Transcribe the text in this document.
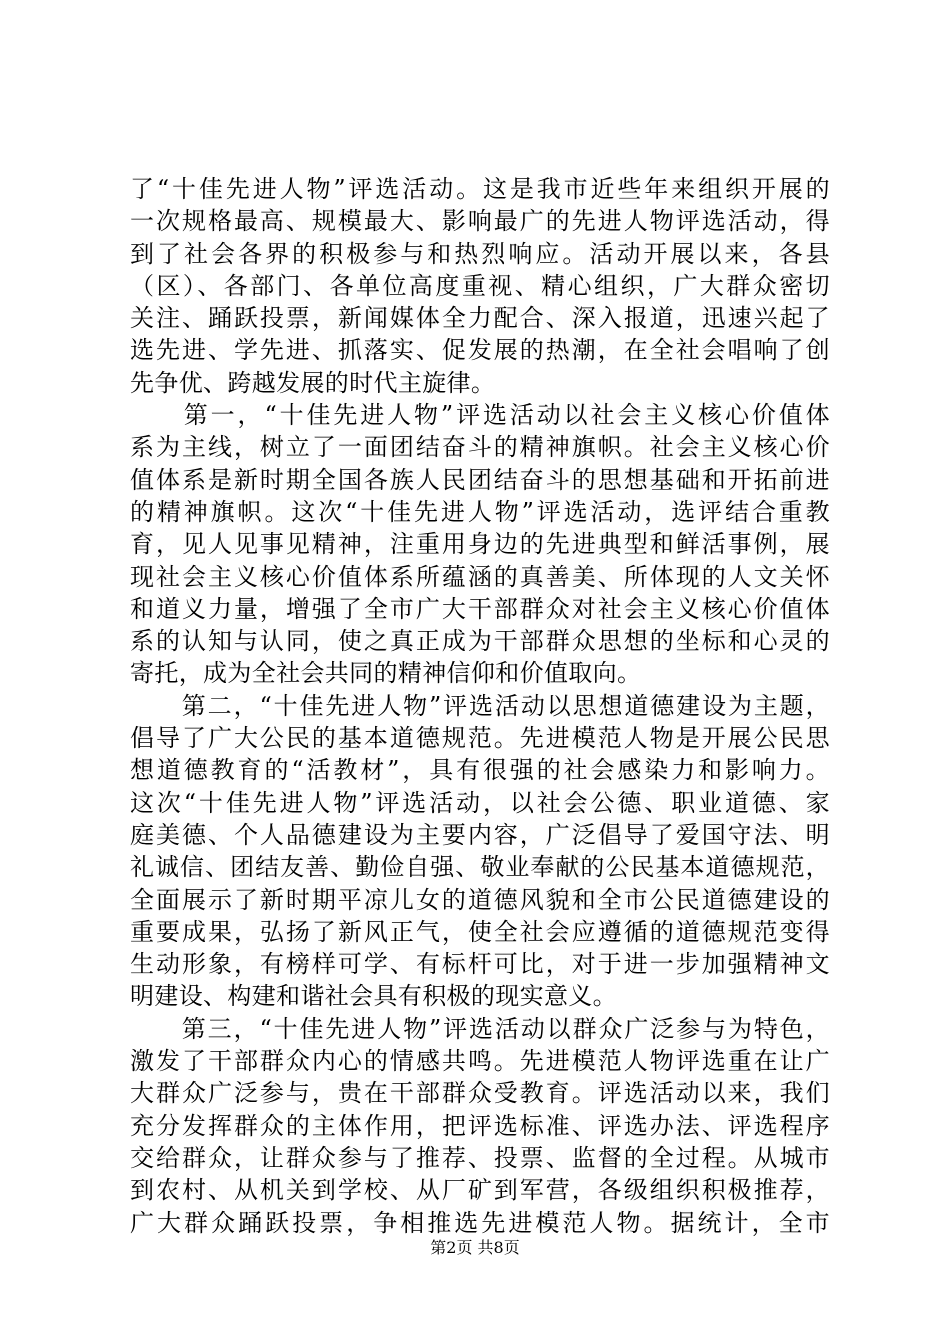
了“十佳先进人物”评选活动。这是我市近些年来组织开展的
一次规格最高、规模最大、影响最广的先进人物评选活动，得
到了社会各界的积极参与和热烈响应。活动开展以来，各县
（区）、各部门、各单位高度重视、精心组织，广大群众密切
关注、踊跃投票，新闻媒体全力配合、深入报道，迅速兴起了
选先进、学先进、抓落实、促发展的热潮，在全社会唱响了创
先争优、跨越发展的时代主旋律。
　　第一，“十佳先进人物”评选活动以社会主义核心价值体
系为主线，树立了一面团结奋斗的精神旗帜。社会主义核心价
值体系是新时期全国各族人民团结奋斗的思想基础和开拓前进
的精神旗帜。这次“十佳先进人物”评选活动，选评结合重教
育，见人见事见精神，注重用身边的先进典型和鲜活事例，展
现社会主义核心价值体系所蕴涵的真善美、所体现的人文关怀
和道义力量，增强了全市广大干部群众对社会主义核心价值体
系的认知与认同，使之真正成为干部群众思想的坐标和心灵的
寄托，成为全社会共同的精神信仰和价值取向。
　　第二，“十佳先进人物”评选活动以思想道德建设为主题，
倡导了广大公民的基本道德规范。先进模范人物是开展公民思
想道德教育的“活教材”，具有很强的社会感染力和影响力。
这次“十佳先进人物”评选活动，以社会公德、职业道德、家
庭美德、个人品德建设为主要内容，广泛倡导了爱国守法、明
礼诚信、团结友善、勤俭自强、敬业奉献的公民基本道德规范，
全面展示了新时期平凉儿女的道德风貌和全市公民道德建设的
重要成果，弘扬了新风正气，使全社会应遵循的道德规范变得
生动形象，有榜样可学、有标杆可比，对于进一步加强精神文
明建设、构建和谐社会具有积极的现实意义。
　　第三，“十佳先进人物”评选活动以群众广泛参与为特色，
激发了干部群众内心的情感共鸣。先进模范人物评选重在让广
大群众广泛参与，贵在干部群众受教育。评选活动以来，我们
充分发挥群众的主体作用，把评选标准、评选办法、评选程序
交给群众，让群众参与了推荐、投票、监督的全过程。从城市
到农村、从机关到学校、从厂矿到军营，各级组织积极推荐，
广大群众踊跃投票，争相推选先进模范人物。据统计，全市
第2页 共8页
